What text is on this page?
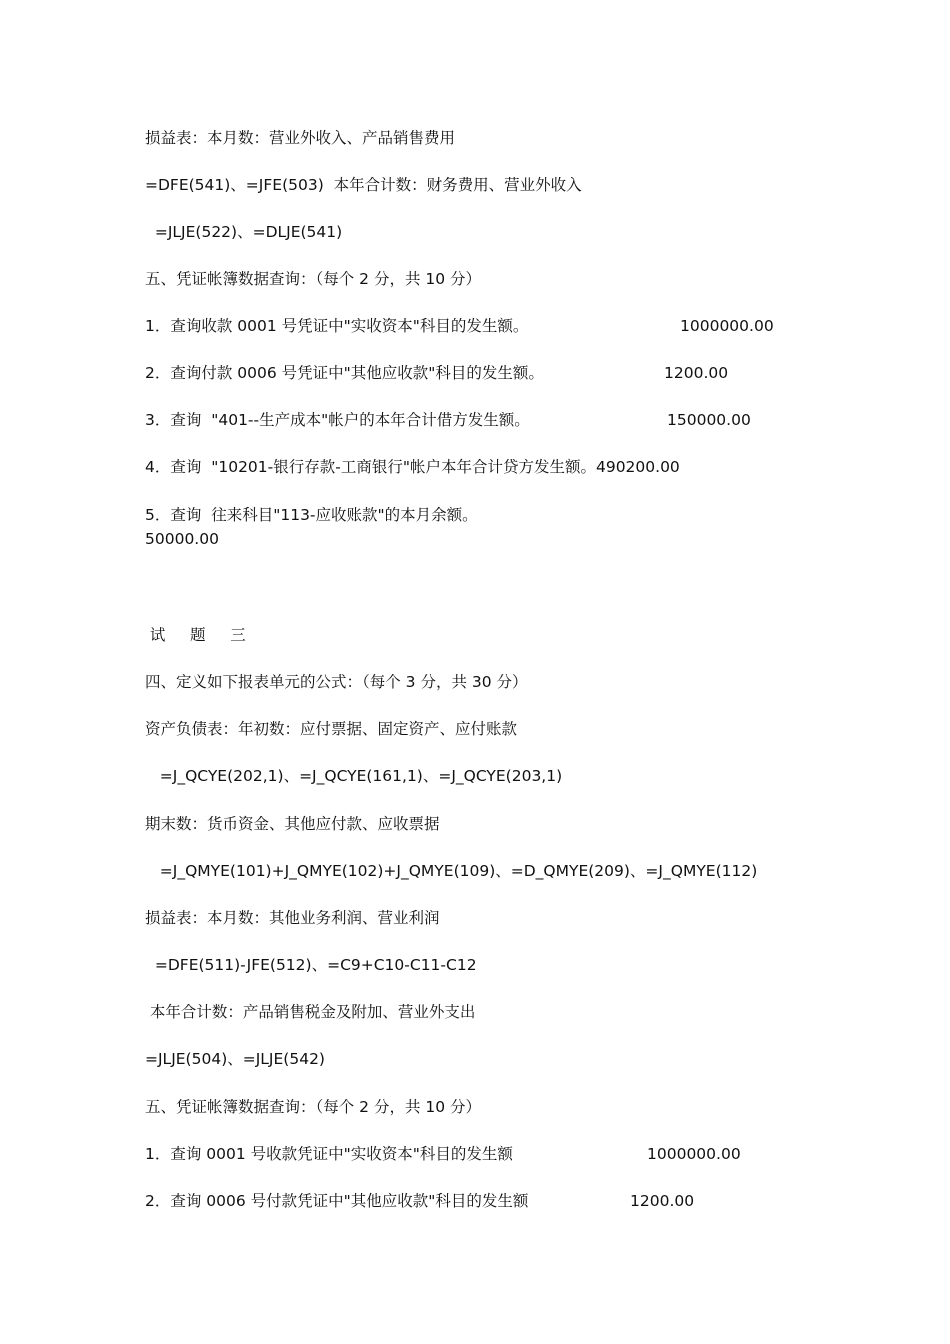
损益表：本月数：营业外收入、产品销售费用
=DFE(541)、=JFE(503)  本年合计数：财务费用、营业外收入
=JLJE(522)、=DLJE(541)
五、凭证帐簿数据查询：（每个 2 分，共 10 分）
1．查询收款 0001 号凭证中"实收资本"科目的发生额。	1000000.00
2．查询付款 0006 号凭证中"其他应收款"科目的发生额。	1200.00
3．查询  "401--生产成本"帐户的本年合计借方发生额。	150000.00
4．查询  "10201-银行存款-工商银行"帐户本年合计贷方发生额。490200.00
5．查询  往来科目"113-应收账款"的本月余额。
50000.00
试     题     三
四、定义如下报表单元的公式：（每个 3 分，共 30 分）
资产负债表：年初数：应付票据、固定资产、应付账款
=J_QCYE(202,1)、=J_QCYE(161,1)、=J_QCYE(203,1)
期末数：货币资金、其他应付款、应收票据
=J_QMYE(101)+J_QMYE(102)+J_QMYE(109)、=D_QMYE(209)、=J_QMYE(112)
损益表：本月数：其他业务利润、营业利润
=DFE(511)-JFE(512)、=C9+C10-C11-C12
本年合计数：产品销售税金及附加、营业外支出
=JLJE(504)、=JLJE(542)
五、凭证帐簿数据查询：（每个 2 分，共 10 分）
1．查询 0001 号收款凭证中"实收资本"科目的发生额	1000000.00
2．查询 0006 号付款凭证中"其他应收款"科目的发生额	1200.00
